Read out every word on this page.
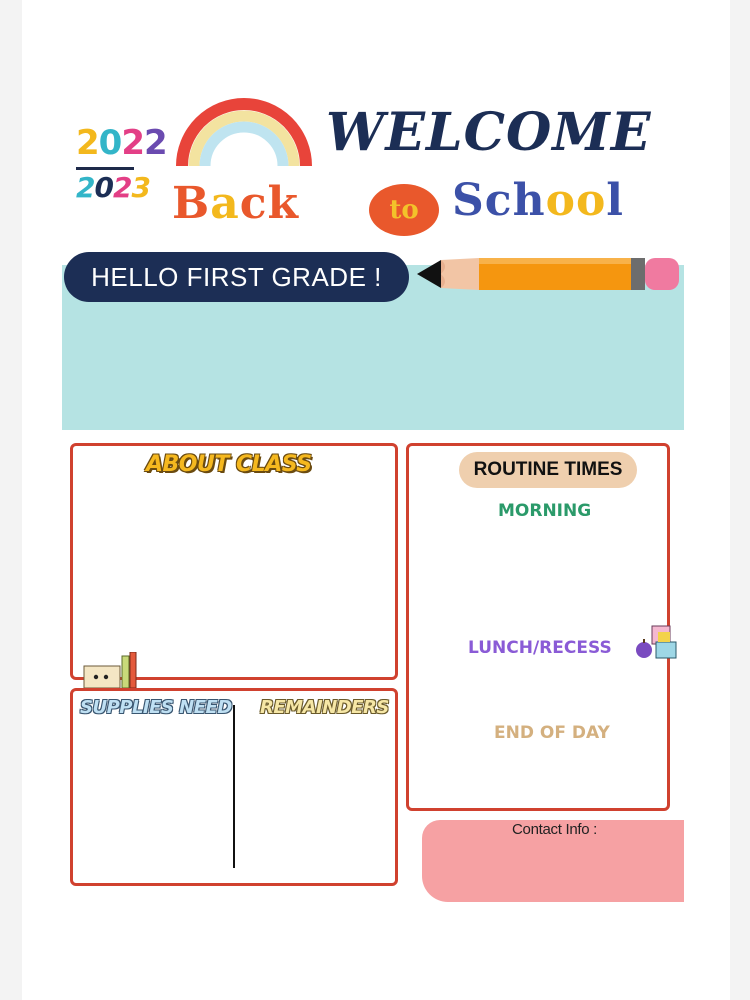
2022
2023
WELCOME
Back	to School
HELLO FIRST GRADE !
ABOUT CLASS	ROUTINE TIMES
MORNING
LUNCH/RECESS
END OF DAY
SUPPLIES NEED REMAINDERS
Contact Info :
